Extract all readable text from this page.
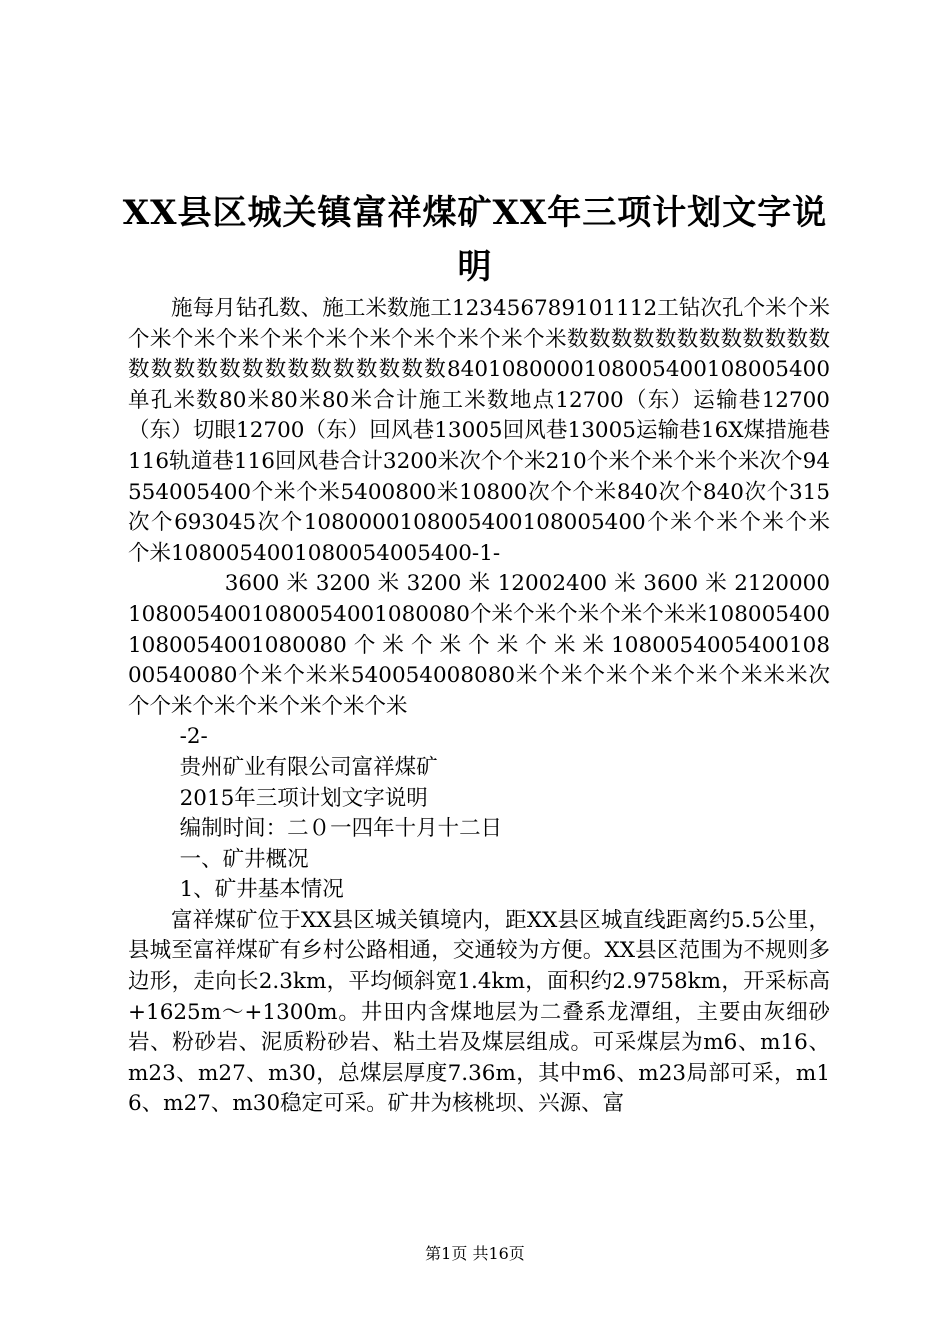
XX县区城关镇富祥煤矿XX年三项计划文字说明

施每月钻孔数、施工米数施工123456789101112工钻次孔个米个米个米个米个米个米个米个米个米个米个米个米数数数数数数数数数数数数数数数数数数数数数数数数数数840108000010800540010800540​0单孔米数80米80米80米合计施工米数地点12700（东）运输巷12700（东）切眼12700（东）回风巷13005回风巷13005运输巷16X煤措施巷116轨道巷116回风巷合计3200米次个个米210个米个米个米个米次个94554005400个米个米5400800米10800次个个米840次个840次个315次个693045次个1080000108005400108005400个米个米个米个米个米10800540010800540054​00-1-

3600 米 3200 米 3200 米 12002400 米 3600 米 212000010800540010800540010800​80个米个米个米个米个米米108005400108005400108008​0 个 米 个 米 个 米 个 米 米 1080054005400108005400​80个米个米米540054008080米个米个米个米个米个米米米次个个米个米个米个米个米个米

-2-

贵州矿业有限公司富祥煤矿

2015年三项计划文字说明

编制时间：二０一四年十月十二日

一、矿井概况

1、矿井基本情况

富祥煤矿位于XX县区城关镇境内，距XX县区城直线距离约5.5公里，县城至富祥煤矿有乡村公路相通，交通较为方便。XX县区范围为不规则多边形，走向长2.3km，平均倾斜宽1.4km，面积约2.9758km，开采标高+1625m～+1300m。井田内含煤地层为二叠系龙潭组，主要由灰细砂岩、粉砂岩、泥质粉砂岩、粘土岩及煤层组成。可采煤层为m6、m16、m23、m27、m30，总煤层厚度7.36m，其中m6、m23局部可采，m16、m27、m30稳定可采。矿井为核桃坝、兴源、富

第1页 共16页
